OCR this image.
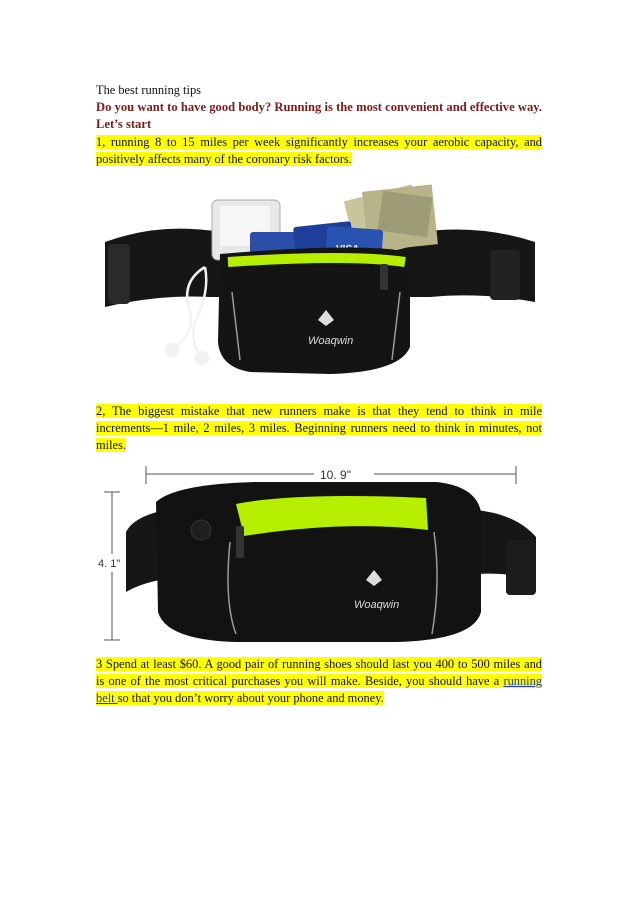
The best running tips
Do you want to have good body? Running is the most convenient and effective way. Let’s start
1, running 8 to 15 miles per week significantly increases your aerobic capacity, and positively affects many of the coronary risk factors.
Woaqwin
2, The biggest mistake that new runners make is that they tend to think in mile increments—1 mile, 2 miles, 3 miles. Beginning runners need to think in minutes, not miles.
10. 9"
4. 1"
Woaqwin
3 Spend at least $60. A good pair of running shoes should last you 400 to 500 miles and is one of the most critical purchases you will make. Beside, you should have a running belt so that you don’t worry about your phone and money.
